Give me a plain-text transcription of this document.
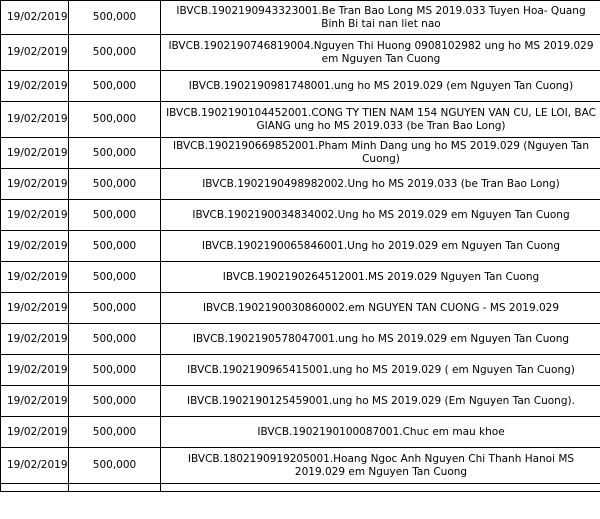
19/02/2019	500,000	IBVCB.1902190943323001.Be Tran Bao Long MS 2019.033 Tuyen Hoa- Quang Binh Bi tai nan liet nao
19/02/2019	500,000	IBVCB.1902190746819004.Nguyen Thi Huong 0908102982 ung ho MS 2019.029 em Nguyen Tan Cuong
19/02/2019	500,000	IBVCB.1902190981748001.ung ho MS 2019.029 (em Nguyen Tan Cuong)
19/02/2019	500,000	IBVCB.1902190104452001.CONG TY TIEN NAM 154 NGUYEN VAN CU, LE LOI, BAC GIANG ung ho MS 2019.033 (be Tran Bao Long)
19/02/2019	500,000	IBVCB.1902190669852001.Pham Minh Dang ung ho MS 2019.029 (Nguyen Tan Cuong)
19/02/2019	500,000	IBVCB.1902190498982002.Ung ho MS 2019.033 (be Tran Bao Long)
19/02/2019	500,000	IBVCB.1902190034834002.Ung ho MS 2019.029 em Nguyen Tan Cuong
19/02/2019	500,000	IBVCB.1902190065846001.Ung ho 2019.029 em Nguyen Tan Cuong
19/02/2019	500,000	IBVCB.1902190264512001.MS 2019.029 Nguyen Tan Cuong
19/02/2019	500,000	IBVCB.1902190030860002.em NGUYEN TAN CUONG - MS 2019.029
19/02/2019	500,000	IBVCB.1902190578047001.ung ho MS 2019.029 em Nguyen Tan Cuong
19/02/2019	500,000	IBVCB.1902190965415001.ung ho MS 2019.029 ( em Nguyen Tan Cuong)
19/02/2019	500,000	IBVCB.1902190125459001.ung ho MS 2019.029 (Em Nguyen Tan Cuong).
19/02/2019	500,000	IBVCB.1902190100087001.Chuc em mau khoe
19/02/2019	500,000	IBVCB.1802190919205001.Hoang Ngoc Anh Nguyen Chi Thanh Hanoi MS 2019.029 em Nguyen Tan Cuong
